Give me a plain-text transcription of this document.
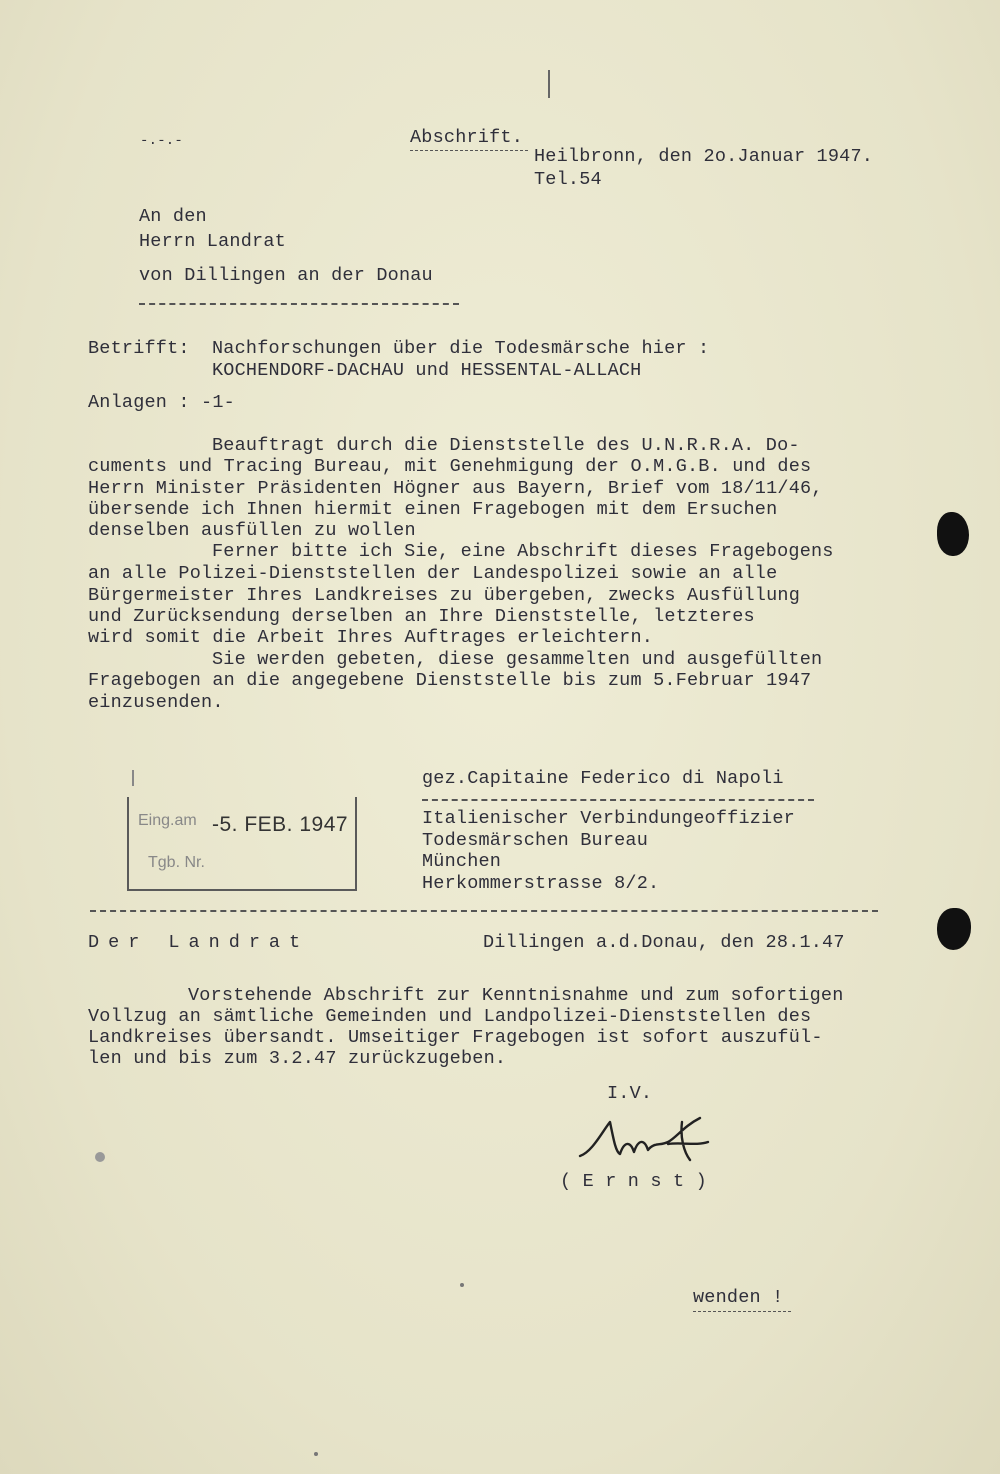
-.-.-	Abschrift.
Heilbronn, den 2o.Januar 1947.
Tel.54
An den
Herrn Landrat
von Dillingen an der Donau
Betrifft: Nachforschungen über die Todesmärsche hier :
KOCHENDORF-DACHAU und HESSENTAL-ALLACH
Anlagen : -1-
Beauftragt durch die Dienststelle des U.N.R.R.A. Do-
cuments und Tracing Bureau, mit Genehmigung der O.M.G.B. und des
Herrn Minister Präsidenten Högner aus Bayern, Brief vom 18/11/46,
übersende ich Ihnen hiermit einen Fragebogen mit dem Ersuchen
denselben ausfüllen zu wollen
Ferner bitte ich Sie, eine Abschrift dieses Fragebogens
an alle Polizei-Dienststellen der Landespolizei sowie an alle
Bürgermeister Ihres Landkreises zu übergeben, zwecks Ausfüllung
und Zurücksendung derselben an Ihre Dienststelle, letzteres
wird somit die Arbeit Ihres Auftrages erleichtern.
Sie werden gebeten, diese gesammelten und ausgefüllten
Fragebogen an die angegebene Dienststelle bis zum 5.Februar 1947
einzusenden.
gez.Capitaine Federico di Napoli
Italienischer Verbindungeoffizier
Todesmärschen Bureau
München
Herkommerstrasse 8/2.
Eing.am -5. FEB. 1947
Tgb. Nr.
Der Landrat	Dillingen a.d.Donau, den 28.1.47
Vorstehende Abschrift zur Kenntnisnahme und zum sofortigen
Vollzug an sämtliche Gemeinden und Landpolizei-Dienststellen des
Landkreises übersandt. Umseitiger Fragebogen ist sofort auszufül-
len und bis zum 3.2.47 zurückzugeben.
I.V.
( E r n s t )
wenden !
